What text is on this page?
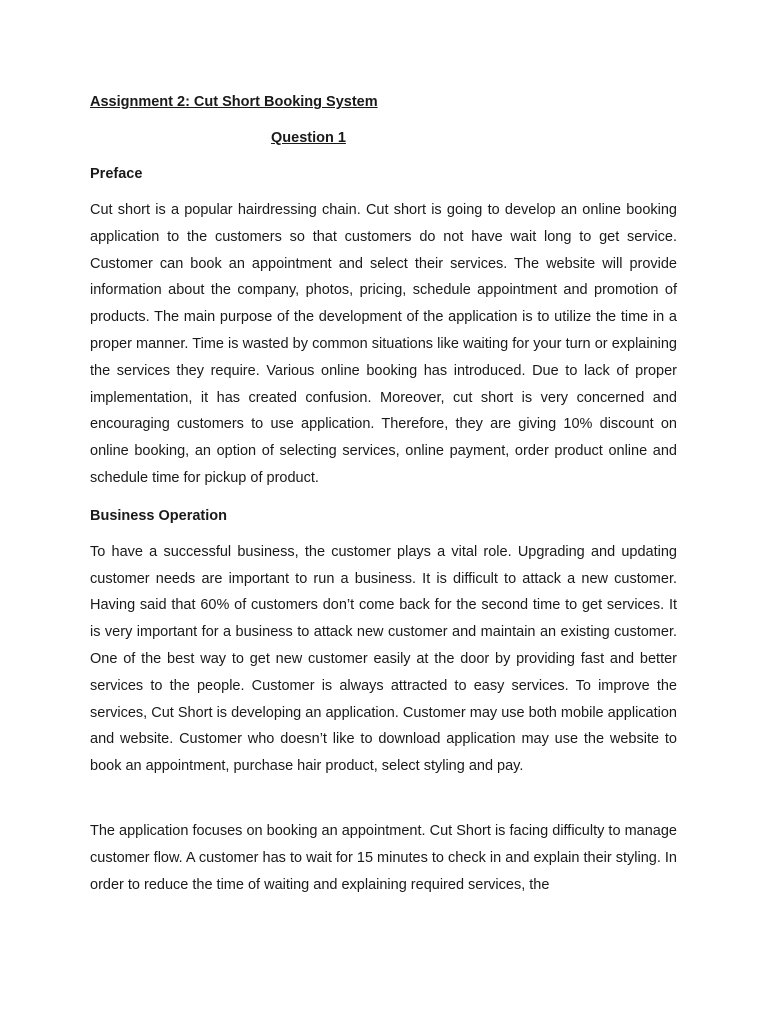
Assignment 2: Cut Short Booking System

Question 1

Preface

Cut short is a popular hairdressing chain. Cut short is going to develop an online booking application to the customers so that customers do not have wait long to get service. Customer can book an appointment and select their services. The website will provide information about the company, photos, pricing, schedule appointment and promotion of products. The main purpose of the development of the application is to utilize the time in a proper manner. Time is wasted by common situations like waiting for your turn or explaining the services they require. Various online booking has introduced. Due to lack of proper implementation, it has created confusion. Moreover, cut short is very concerned and encouraging customers to use application. Therefore, they are giving 10% discount on online booking, an option of selecting services, online payment, order product online and schedule time for pickup of product.

Business Operation

To have a successful business, the customer plays a vital role. Upgrading and updating customer needs are important to run a business. It is difficult to attack a new customer. Having said that 60% of customers don’t come back for the second time to get services. It is very important for a business to attack new customer and maintain an existing customer. One of the best way to get new customer easily at the door by providing fast and better services to the people. Customer is always attracted to easy services. To improve the services, Cut Short is developing an application. Customer may use both mobile application and website. Customer who doesn’t like to download application may use the website to book an appointment, purchase hair product, select styling and pay.

The application focuses on booking an appointment. Cut Short is facing difficulty to manage customer flow. A customer has to wait for 15 minutes to check in and explain their styling. In order to reduce the time of waiting and explaining required services, the
